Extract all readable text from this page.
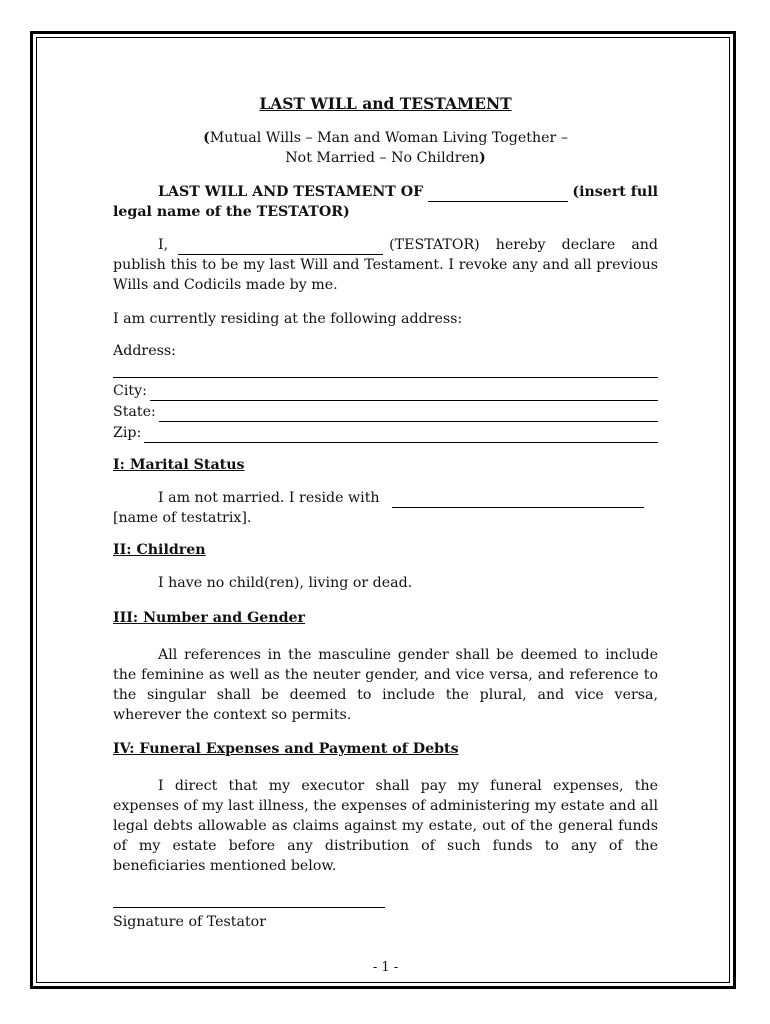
LAST WILL and TESTAMENT
(Mutual Wills – Man and Woman Living Together –
Not Married – No Children)
LAST WILL AND TESTAMENT OF	(insert full
legal name of the TESTATOR)
I,	(TESTATOR) hereby declare and
publish this to be my last Will and Testament. I revoke any and all previous Wills and Codicils made by me.
I am currently residing at the following address:
Address:
City:
State:
Zip:
I: Marital Status
I am not married. I reside with
[name of testatrix].
II: Children
I have no child(ren), living or dead.
III: Number and Gender
All references in the masculine gender shall be deemed to include the feminine as well as the neuter gender, and vice versa, and reference to the singular shall be deemed to include the plural, and vice versa, wherever the context so permits.
IV: Funeral Expenses and Payment of Debts
I direct that my executor shall pay my funeral expenses, the expenses of my last illness, the expenses of administering my estate and all legal debts allowable as claims against my estate, out of the general funds of my estate before any distribution of such funds to any of the beneficiaries mentioned below.
Signature of Testator
- 1 -
